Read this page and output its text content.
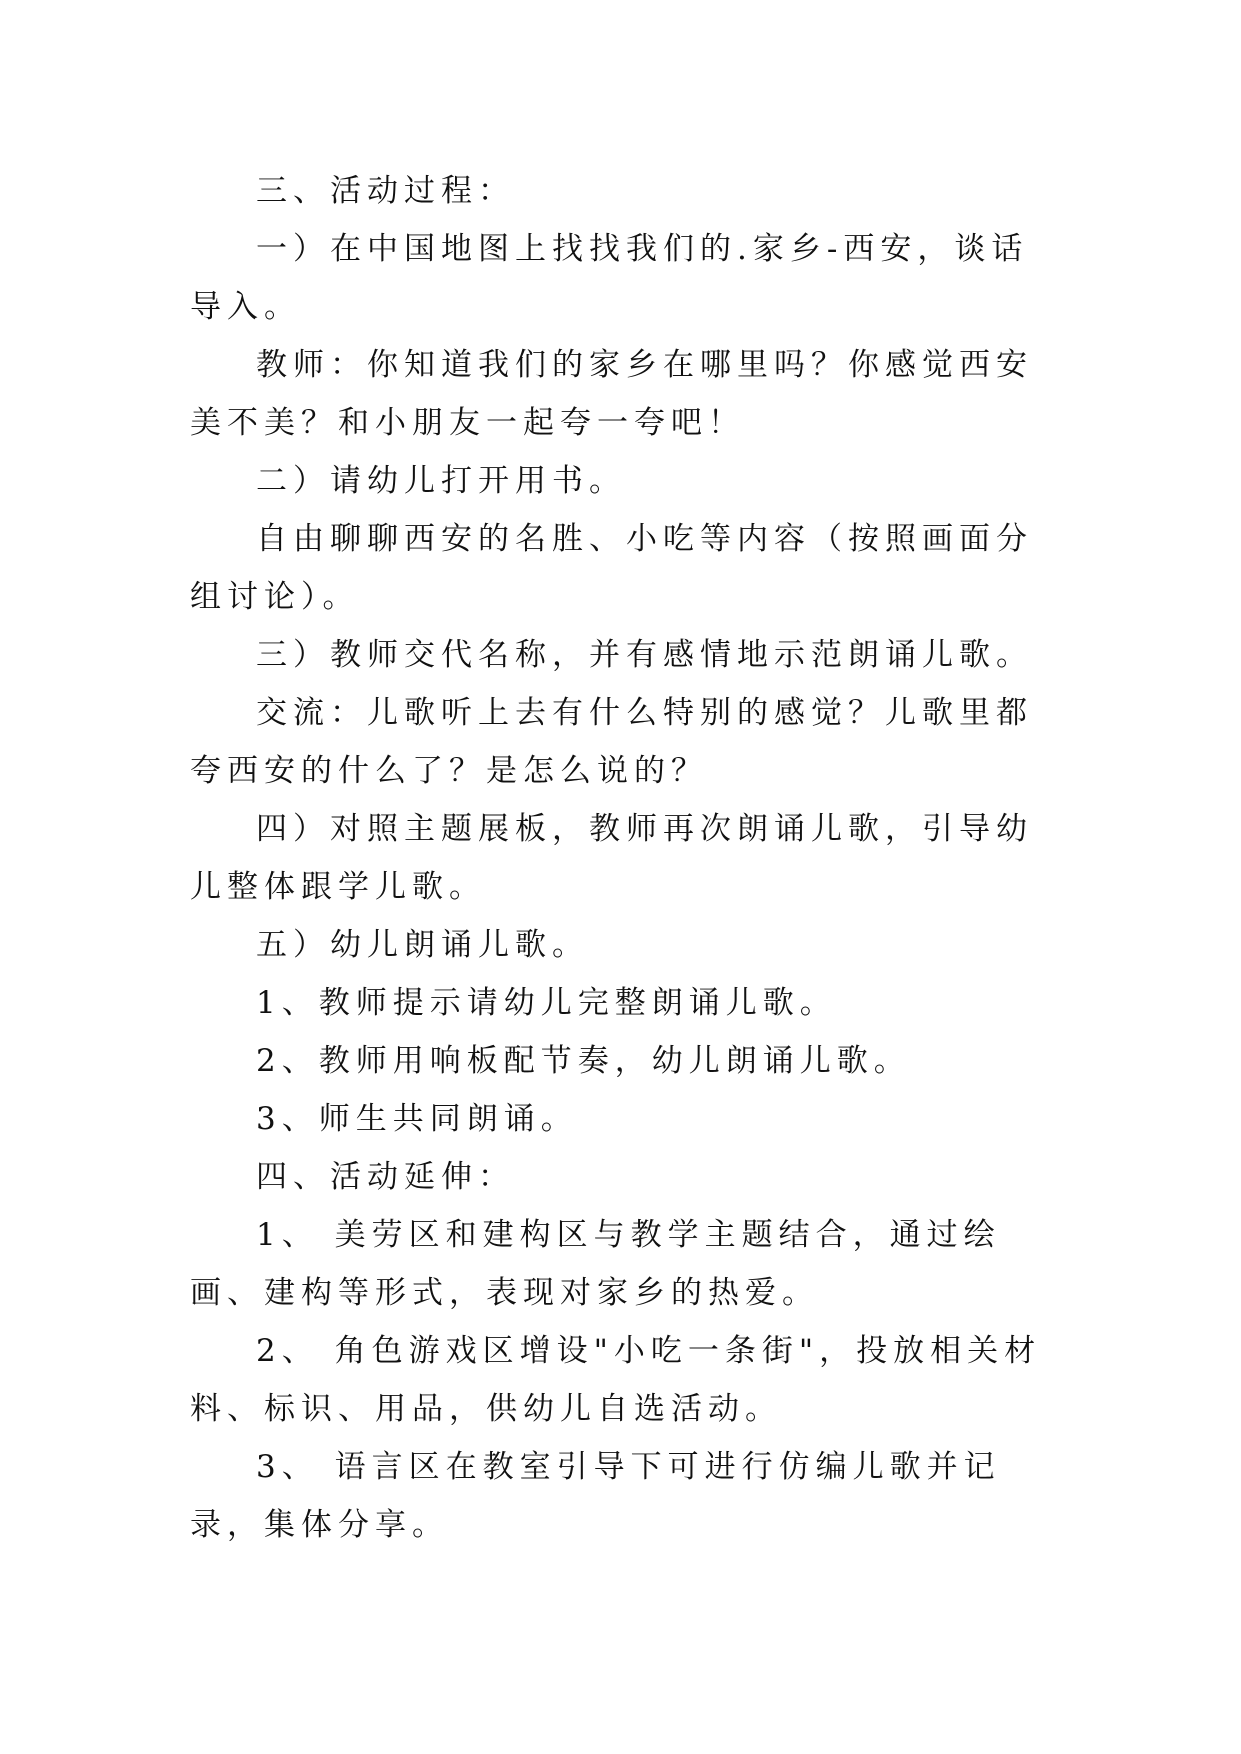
三、活动过程：

一）在中国地图上找找我们的.家乡-西安，谈话导入。

教师：你知道我们的家乡在哪里吗？你感觉西安美不美？和小朋友一起夸一夸吧！

二）请幼儿打开用书。

自由聊聊西安的名胜、小吃等内容（按照画面分组讨论）。

三）教师交代名称，并有感情地示范朗诵儿歌。

交流：儿歌听上去有什么特别的感觉？儿歌里都夸西安的什么了？是怎么说的？

四）对照主题展板，教师再次朗诵儿歌，引导幼儿整体跟学儿歌。

五）幼儿朗诵儿歌。

1、教师提示请幼儿完整朗诵儿歌。

2、教师用响板配节奏，幼儿朗诵儿歌。

3、师生共同朗诵。

四、活动延伸：

1、 美劳区和建构区与教学主题结合，通过绘画、建构等形式，表现对家乡的热爱。

2、 角色游戏区增设"小吃一条街"，投放相关材料、标识、用品，供幼儿自选活动。

3、 语言区在教室引导下可进行仿编儿歌并记录，集体分享。
